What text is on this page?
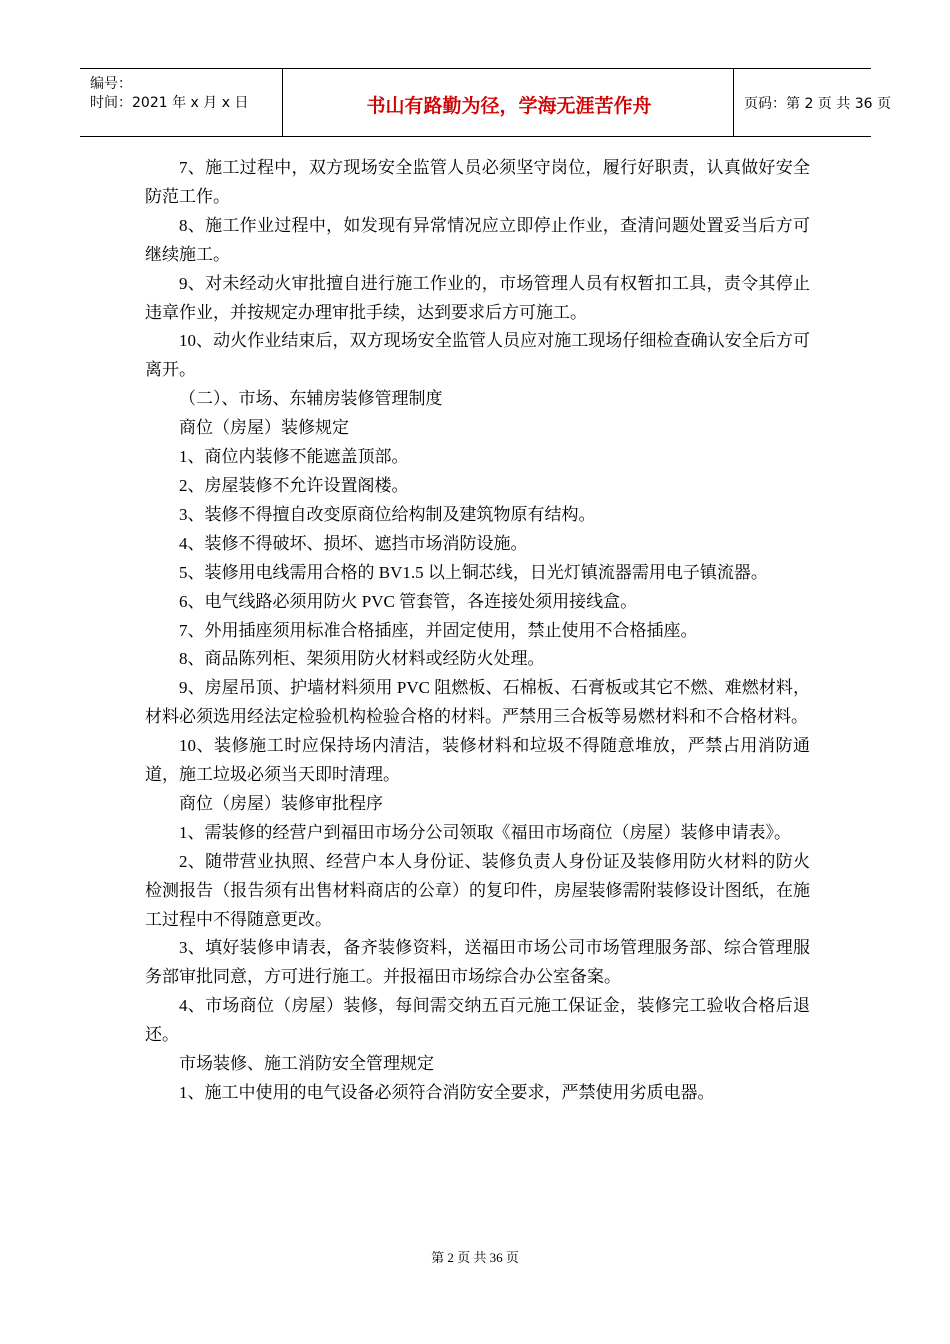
编号：
时间：2021 年 x 月 x 日	书山有路勤为径，学海无涯苦作舟	页码：第 2 页 共 36 页

7、施工过程中，双方现场安全监管人员必须坚守岗位，履行好职责，认真做好安全防范工作。

8、施工作业过程中，如发现有异常情况应立即停止作业，查清问题处置妥当后方可继续施工。

9、对未经动火审批擅自进行施工作业的，市场管理人员有权暂扣工具，责令其停止违章作业，并按规定办理审批手续，达到要求后方可施工。

10、动火作业结束后，双方现场安全监管人员应对施工现场仔细检查确认安全后方可离开。

（二）、市场、东辅房装修管理制度

商位（房屋）装修规定

1、商位内装修不能遮盖顶部。

2、房屋装修不允许设置阁楼。

3、装修不得擅自改变原商位给构制及建筑物原有结构。

4、装修不得破坏、损坏、遮挡市场消防设施。

5、装修用电线需用合格的 BV1.5 以上铜芯线，日光灯镇流器需用电子镇流器。

6、电气线路必须用防火 PVC 管套管，各连接处须用接线盒。

7、外用插座须用标准合格插座，并固定使用，禁止使用不合格插座。

8、商品陈列柜、架须用防火材料或经防火处理。

9、房屋吊顶、护墙材料须用 PVC 阻燃板、石棉板、石膏板或其它不燃、难燃材料，材料必须选用经法定检验机构检验合格的材料。严禁用三合板等易燃材料和不合格材料。

10、装修施工时应保持场内清洁，装修材料和垃圾不得随意堆放，严禁占用消防通道，施工垃圾必须当天即时清理。

商位（房屋）装修审批程序

1、需装修的经营户到福田市场分公司领取《福田市场商位（房屋）装修申请表》。

2、随带营业执照、经营户本人身份证、装修负责人身份证及装修用防火材料的防火检测报告（报告须有出售材料商店的公章）的复印件，房屋装修需附装修设计图纸，在施工过程中不得随意更改。

3、填好装修申请表，备齐装修资料，送福田市场公司市场管理服务部、综合管理服务部审批同意，方可进行施工。并报福田市场综合办公室备案。

4、市场商位（房屋）装修，每间需交纳五百元施工保证金，装修完工验收合格后退还。

市场装修、施工消防安全管理规定

1、施工中使用的电气设备必须符合消防安全要求，严禁使用劣质电器。

第 2 页 共 36 页
